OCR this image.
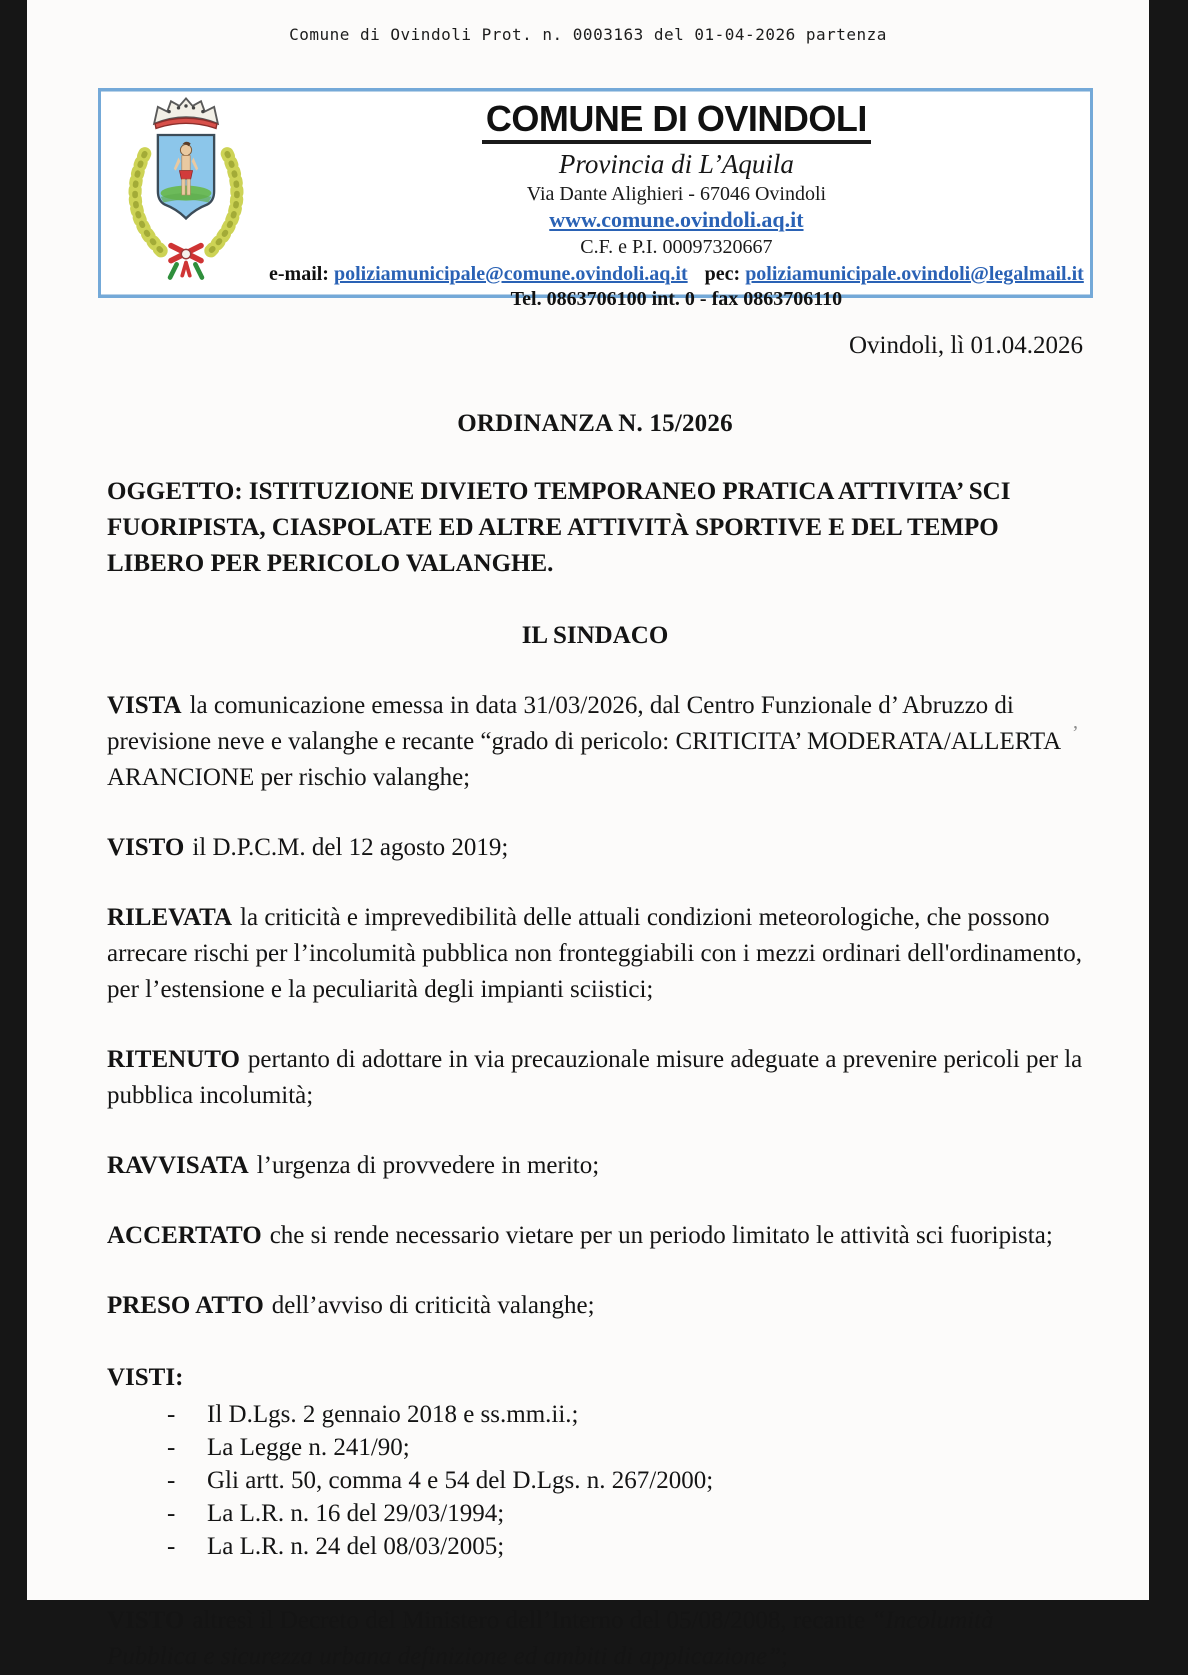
Comune di Ovindoli Prot. n. 0003163 del 01-04-2026 partenza
COMUNE DI OVINDOLI
Provincia di L’Aquila
Via Dante Alighieri - 67046 Ovindoli
www.comune.ovindoli.aq.it
C.F. e P.I. 00097320667
e-mail: poliziamunicipale@comune.ovindoli.aq.it pec: poliziamunicipale.ovindoli@legalmail.it
Tel. 0863706100 int. 0 - fax 0863706110
Ovindoli, lì 01.04.2026
ORDINANZA N. 15/2026
OGGETTO: ISTITUZIONE DIVIETO TEMPORANEO PRATICA ATTIVITA’ SCI FUORIPISTA, CIASPOLATE ED ALTRE ATTIVITÀ SPORTIVE E DEL TEMPO LIBERO PER PERICOLO VALANGHE.
IL SINDACO

VISTA la comunicazione emessa in data 31/03/2026, dal Centro Funzionale d’ Abruzzo di previsione neve e valanghe e recante “grado di pericolo: CRITICITA’ MODERATA/ALLERTA ARANCIONE per rischio valanghe;

VISTO il D.P.C.M. del 12 agosto 2019;

RILEVATA la criticità e imprevedibilità delle attuali condizioni meteorologiche, che possono arrecare rischi per l’incolumità pubblica non fronteggiabili con i mezzi ordinari dell'ordinamento, per l’estensione e la peculiarità degli impianti sciistici;

RITENUTO pertanto di adottare in via precauzionale misure adeguate a prevenire pericoli per la pubblica incolumità;

RAVVISATA l’urgenza di provvedere in merito;

ACCERTATO che si rende necessario vietare per un periodo limitato le attività sci fuoripista;

PRESO ATTO dell’avviso di criticità valanghe;

VISTI:

- Il D.Lgs. 2 gennaio 2018 e ss.mm.ii.;
- La Legge n. 241/90;
- Gli artt. 50, comma 4 e 54 del D.Lgs. n. 267/2000;
- La L.R. n. 16 del 29/03/1994;
- La L.R. n. 24 del 08/03/2005;

VISTO altresì il Decreto del Ministero dell’Interno del 05/08/2008, recante “Incolumità Pubblica e sicurezza urbana definizione ed ambiti di applicazione”;

’
